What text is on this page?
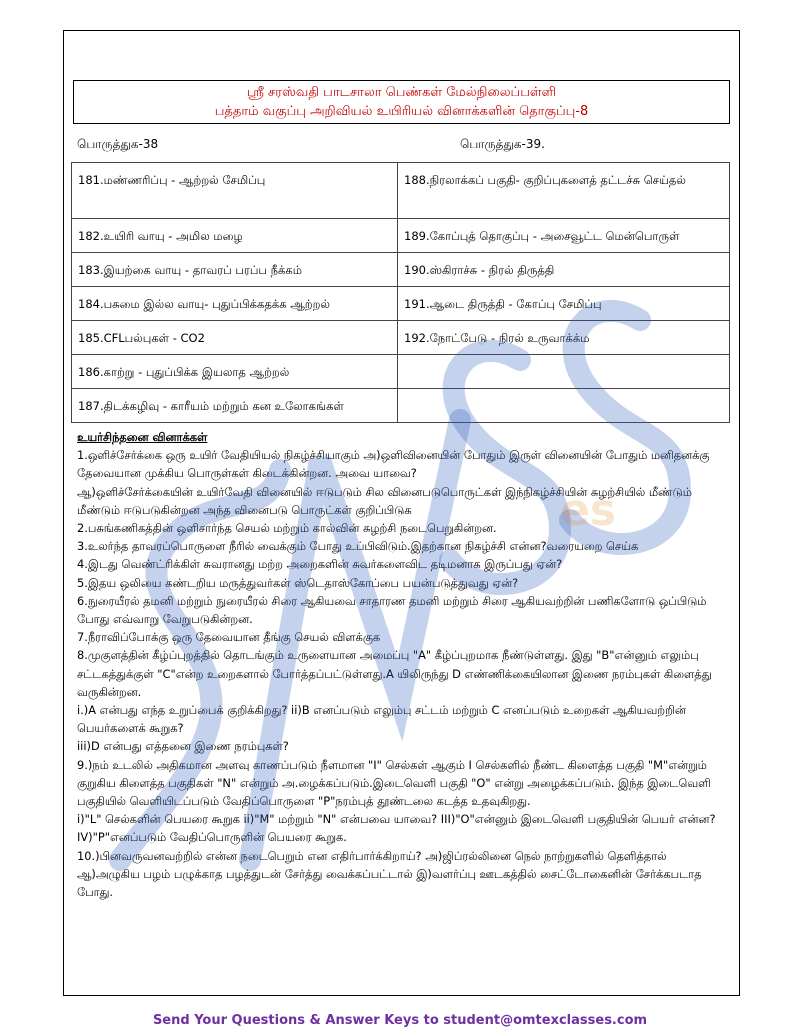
ஸ்ரீ சரஸ்வதி பாடசாலா பெண்கள் மேல்நிலைப்பள்ளி
பத்தாம் வகுப்பு அறிவியல் உயிரியல் வினாக்களின் தொகுப்பு-8
பொருத்துக-38	பொருத்துக-39.
181.மண்ணரிப்பு - ஆற்றல் சேமிப்பு	188.நிரலாக்கப் பகுதி- குறிப்புகளைத் தட்டச்சு செய்தல்
182.உயிரி வாயு - அமில மழை	189.கோப்புத் தொகுப்பு - அசைவூட்ட மென்பொருள்
183.இயற்கை வாயு - தாவரப் பரப்ப நீக்கம்	190.ஸ்கிராச்சு - நிரல் திருத்தி
184.பசுமை இல்ல வாயு- புதுப்பிக்கதக்க ஆற்றல்	191.ஆடை திருத்தி - கோப்பு சேமிப்பு
185.CFLபல்புகள் - CO2	192.நோட்பேடு - நிரல் உருவாக்க்ம
186.காற்று - புதுப்பிக்க இயலாத ஆற்றல்	
187.திடக்கழிவு - காரீயம் மற்றும் கன உலோகங்கள்	

உயர்சிந்தனை வினாக்கள்

1.ஒளிச்சேர்க்கை ஒரு உயிர் வேதியியல் நிகழ்ச்சியாகும் அ)ஒளிவினையின் போதும் இருள் வினையின் போதும் மனிதனக்கு தேவையான முக்கிய பொருள்கள் கிடைக்கின்றன. அவை யாவை?

ஆ)ஒளிச்சேர்க்கையின் உயிர்வேதி வினையில் ஈடுபடும் சில வினைபடுபொருட்கள் இந்நிகழ்ச்சியின் சுழற்சியில் மீண்டும் மீண்டும் ஈடுபடுகின்றன அந்த வினைபடு பொருட்கள் குறிப்பிடுக

2.பசுங்கணிகத்தின் ஒளிசார்ந்த செயல் மற்றும் கால்வின் சுழற்சி நடைபெறுகின்றன.

3.உலர்ந்த தாவரப்பொருளை நீரில் வைக்கும் போது உப்பிவிடும்.இதற்கான நிகழ்ச்சி என்ன?வரையறை செய்க

4.இடது வெண்ட்ரிக்கிள் சுவரானது மற்ற அறைகளின் சுவர்களைவிட தடிமனாக இருப்பது ஏன்?

5.இதய ஒலியை கண்டறிய மருத்துவர்கள் ஸ்டெதாஸ்கோப்பை பயன்படுத்துவது ஏன்?

6.நுரையீரல் தமனி மற்றும் நுரையீரல் சிரை ஆகியவை சாதாரண தமனி மற்றும் சிரை ஆகியவற்றின் பணிகளோடு ஒப்பிடும் போது எவ்வாறு வேறுபடுகின்றன.

7.நீராவிப்போக்கு ஒரு தேவையான தீங்கு செயல் விளக்குக

8.முகுளத்தின் கீழ்ப்புறத்தில் தொடங்கும் உருளையான அமைப்பு "A" கீழ்ப்புறமாக நீண்டுள்ளது. இது "B"என்னும் எலும்பு சட்டகத்துக்குள் "C"என்ற உறைகளால் போர்த்தப்பட்டுள்ளது.A யிலிருந்து D எண்ணிக்கையிலான இணை நரம்புகள் கிளைத்து வருகின்றன.

i.)A என்பது எந்த உறுப்பைக் குறிக்கிறது? ii)B எனப்படும் எலும்பு சட்டம் மற்றும் C எனப்படும் உறைகள் ஆகியவற்றின் பெயர்களைக் கூறுக?

iii)D என்பது எத்தனை இணை நரம்புகள்?

9.)நம் உடலில் அதிகமான அளவு காணப்படும் நீளமான "I" செல்கள் ஆகும் I செல்களில் நீண்ட கிளைத்த பகுதி "M"என்றும் குறுகிய கிளைத்த பகுதிகள் "N" என்றும் அ.ழைக்கப்படும்.இடைவெளி பகுதி "O" என்று அழைக்கப்படும். இந்த இடைவெளி பகுதியில் வெளியிடப்படும் வேதிப்பொருளை "P"நரம்புத் தூண்டலை கடத்த உதவுகிறது.

i)"L" செல்களின் பெயரை கூறுக ii)"M" மற்றும் "N" என்பவை யாவை? III)"O"என்னும் இடைவெளி பகுதியின் பெயர் என்ன? IV)"P"எனப்படும் வேதிப்பொருளின் பெயரை கூறுக.

10.)பினவருவனவற்றில் என்ன நடைபெறும் என எதிர்பார்க்கிறாய்? அ)ஜிப்ரல்லினை நெல் நாற்றுகளில் தெளித்தால் ஆ)அழுகிய பழம் பழுக்காத பழத்துடன் சேர்த்து வைக்கப்பட்டால் இ)வளர்ப்பு ஊடகத்தில் சைட்டோகைனின் சேர்க்கபடாத போது.

es
Send Your Questions & Answer Keys to student@omtexclasses.com
